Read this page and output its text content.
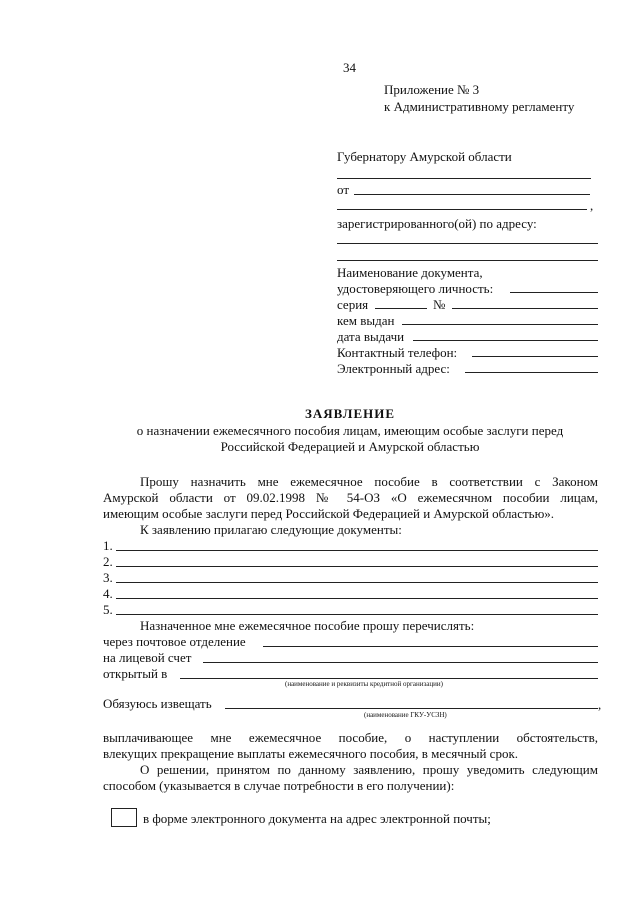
34
Приложение № 3
к Административному регламенту
Губернатору Амурской области
от
,
зарегистрированного(ой) по адресу:
Наименование документа,
удостоверяющего личность:
серия	№
кем выдан
дата выдачи
Контактный телефон:
Электронный адрес:
ЗАЯВЛЕНИЕ
о назначении ежемесячного пособия лицам, имеющим особые заслуги перед
Российской Федерацией и Амурской областью
Прошу назначить мне ежемесячное пособие в соответствии с Законом
Амурской области от 09.02.1998 № 54-ОЗ «О ежемесячном пособии лицам,
имеющим особые заслуги перед Российской Федерацией и Амурской областью».
К заявлению прилагаю следующие документы:
1.
2.
3.
4.
5.
Назначенное мне ежемесячное пособие прошу перечислять:
через почтовое отделение
на лицевой счет
открытый в
(наименование и реквизиты кредитной организации)
Обязуюсь извещать	,
(наименование ГКУ-УСЗН)
выплачивающее мне ежемесячное пособие, о наступлении обстоятельств,
влекущих прекращение выплаты ежемесячного пособия, в месячный срок.
О решении, принятом по данному заявлению, прошу уведомить следующим
способом (указывается в случае потребности в его получении):
в форме электронного документа на адрес электронной почты;
